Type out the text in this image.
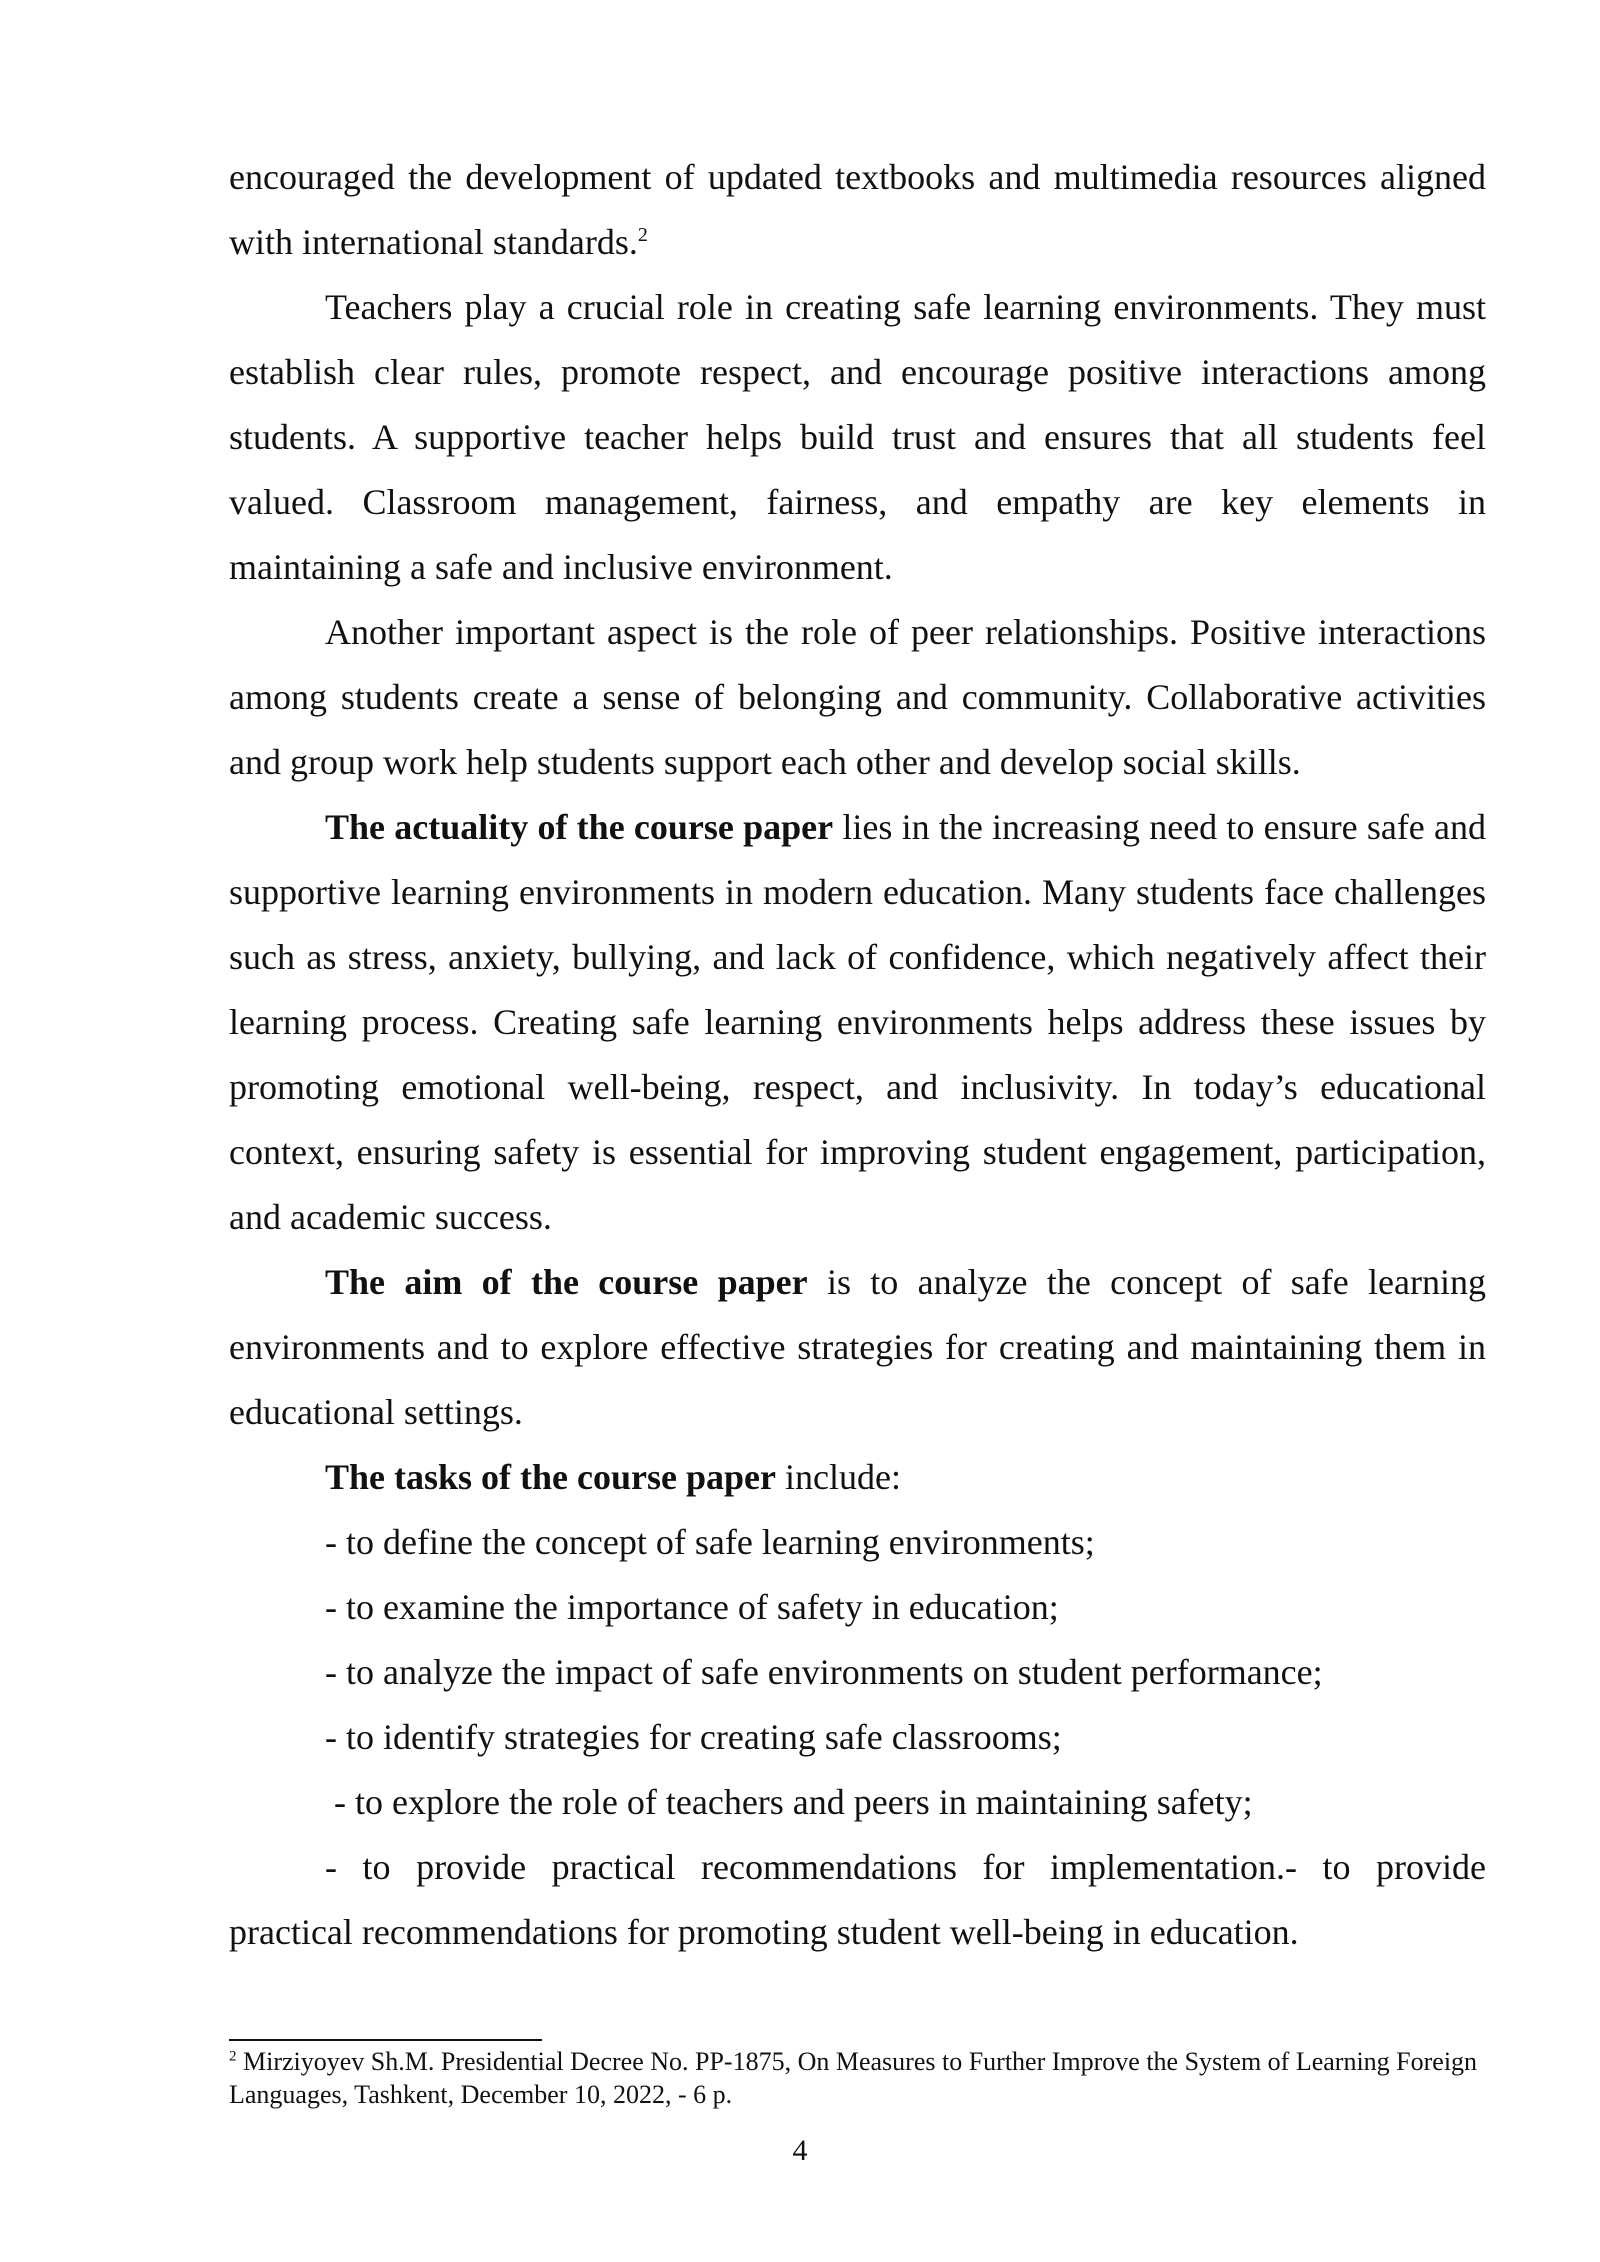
encouraged the development of updated textbooks and multimedia resources aligned with international standards.$^2$

Teachers play a crucial role in creating safe learning environments. They must establish clear rules, promote respect, and encourage positive interactions among students. A supportive teacher helps build trust and ensures that all students feel valued. Classroom management, fairness, and empathy are key elements in maintaining a safe and inclusive environment.

Another important aspect is the role of peer relationships. Positive interactions among students create a sense of belonging and community. Collaborative activities and group work help students support each other and develop social skills.

The actuality of the course paper lies in the increasing need to ensure safe and supportive learning environments in modern education. Many students face challenges such as stress, anxiety, bullying, and lack of confidence, which negatively affect their learning process. Creating safe learning environments helps address these issues by promoting emotional well-being, respect, and inclusivity. In today’s educational context, ensuring safety is essential for improving student engagement, participation, and academic success.

The aim of the course paper is to analyze the concept of safe learning environments and to explore effective strategies for creating and maintaining them in educational settings.

The tasks of the course paper include:

- to define the concept of safe learning environments;

- to examine the importance of safety in education;

- to analyze the impact of safe environments on student performance;

- to identify strategies for creating safe classrooms;

- to explore the role of teachers and peers in maintaining safety;

- to provide practical recommendations for implementation.- to provide practical recommendations for promoting student well-being in education.

$^2$ Mirziyoyev Sh.M. Presidential Decree No. PP-1875, On Measures to Further Improve the System of Learning Foreign Languages, Tashkent, December 10, 2022, - 6 p.
4
